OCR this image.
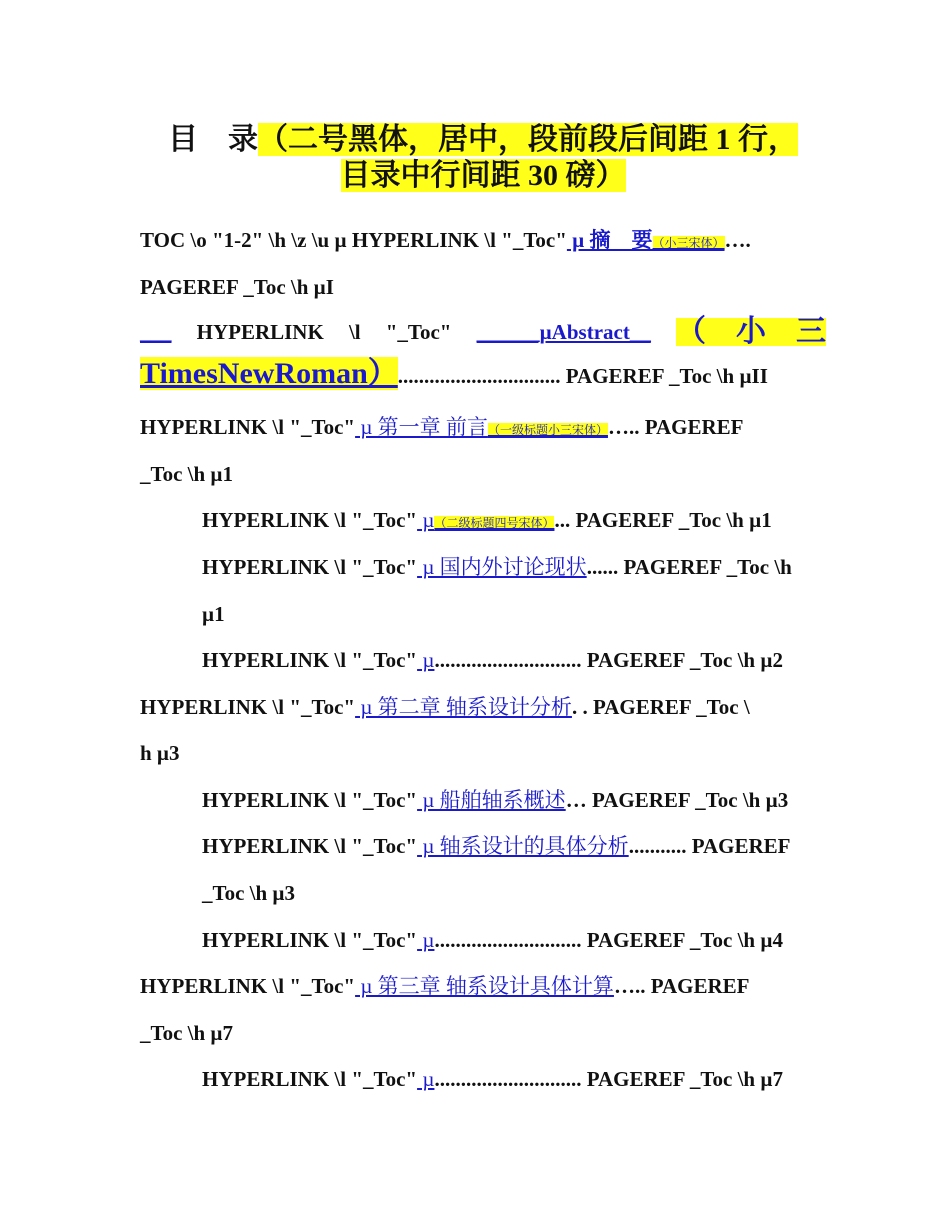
目 录（二号黑体，居中，段前段后间距 1 行，
目录中行间距 30 磅）
TOC \o "1-2" \h \z \u µ HYPERLINK \l "_Toc" µ 摘　要（小三宋体）….
PAGEREF _Toc \h µI
___ HYPERLINK \l "_Toc" ______µAbstract__ （　小　三
TimesNewRoman）............................... PAGEREF _Toc \h µII
HYPERLINK \l "_Toc" µ 第一章 前言（一级标题小三宋体）….. PAGEREF
_Toc \h µ1
HYPERLINK \l "_Toc" µ（二级标题四号宋体）... PAGEREF _Toc \h µ1
HYPERLINK \l "_Toc" µ 国内外讨论现状...... PAGEREF _Toc \h
µ1
HYPERLINK \l "_Toc" µ............................ PAGEREF _Toc \h µ2
HYPERLINK \l "_Toc" µ 第二章 轴系设计分析. . PAGEREF _Toc \
h µ3
HYPERLINK \l "_Toc" µ 船舶轴系概述… PAGEREF _Toc \h µ3
HYPERLINK \l "_Toc" µ 轴系设计的具体分析........... PAGEREF
_Toc \h µ3
HYPERLINK \l "_Toc" µ............................ PAGEREF _Toc \h µ4
HYPERLINK \l "_Toc" µ 第三章 轴系设计具体计算….. PAGEREF
_Toc \h µ7
HYPERLINK \l "_Toc" µ............................ PAGEREF _Toc \h µ7
